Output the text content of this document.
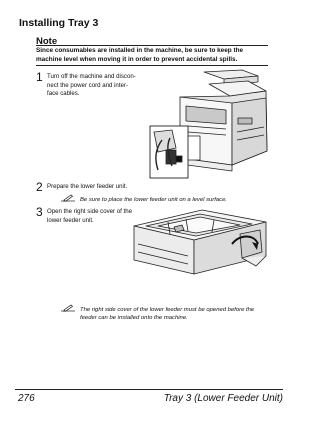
Installing Tray 3
Note
Since consumables are installed in the machine, be sure to keep the machine level when moving it in order to prevent accidental spills.
1 Turn off the machine and discon-
nect the power cord and inter-
face cables.
2 Prepare the lower feeder unit.
Be sure to place the lower feeder unit on a level surface.
3 Open the right side cover of the
lower feeder unit.
The right side cover of the lower feeder must be opened before the
feeder can be installed onto the machine.
276	Tray 3 (Lower Feeder Unit)
